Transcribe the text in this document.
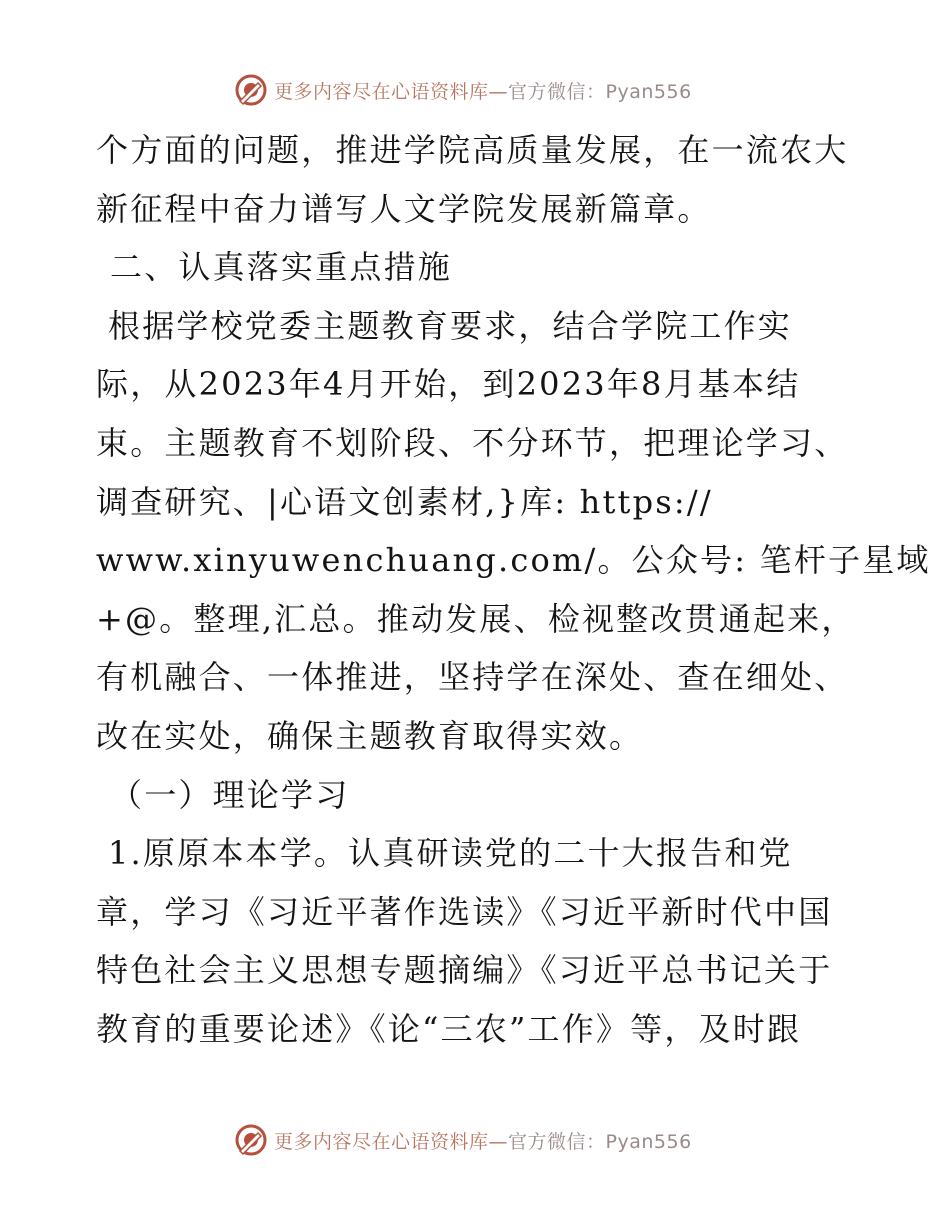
更多内容尽在心语资料库—官方微信：Pyan556
个方面的问题，推进学院高质量发展，在一流农大
新征程中奋力谱写人文学院发展新篇章。
二、认真落实重点措施
根据学校党委主题教育要求，结合学院工作实
际，从2023年4月开始，到2023年8月基本结
束。主题教育不划阶段、不分环节，把理论学习、
调查研究、|心语文创素材,}库: https://
www.xinyuwenchuang.com/。公众号: 笔杆子星域
+@。整理,汇总。推动发展、检视整改贯通起来，
有机融合、一体推进，坚持学在深处、查在细处、
改在实处，确保主题教育取得实效。
（一）理论学习
1.原原本本学。认真研读党的二十大报告和党
章，学习《习近平著作选读》《习近平新时代中国
特色社会主义思想专题摘编》《习近平总书记关于
教育的重要论述》《论“三农”工作》等，及时跟
更多内容尽在心语资料库—官方微信：Pyan556
